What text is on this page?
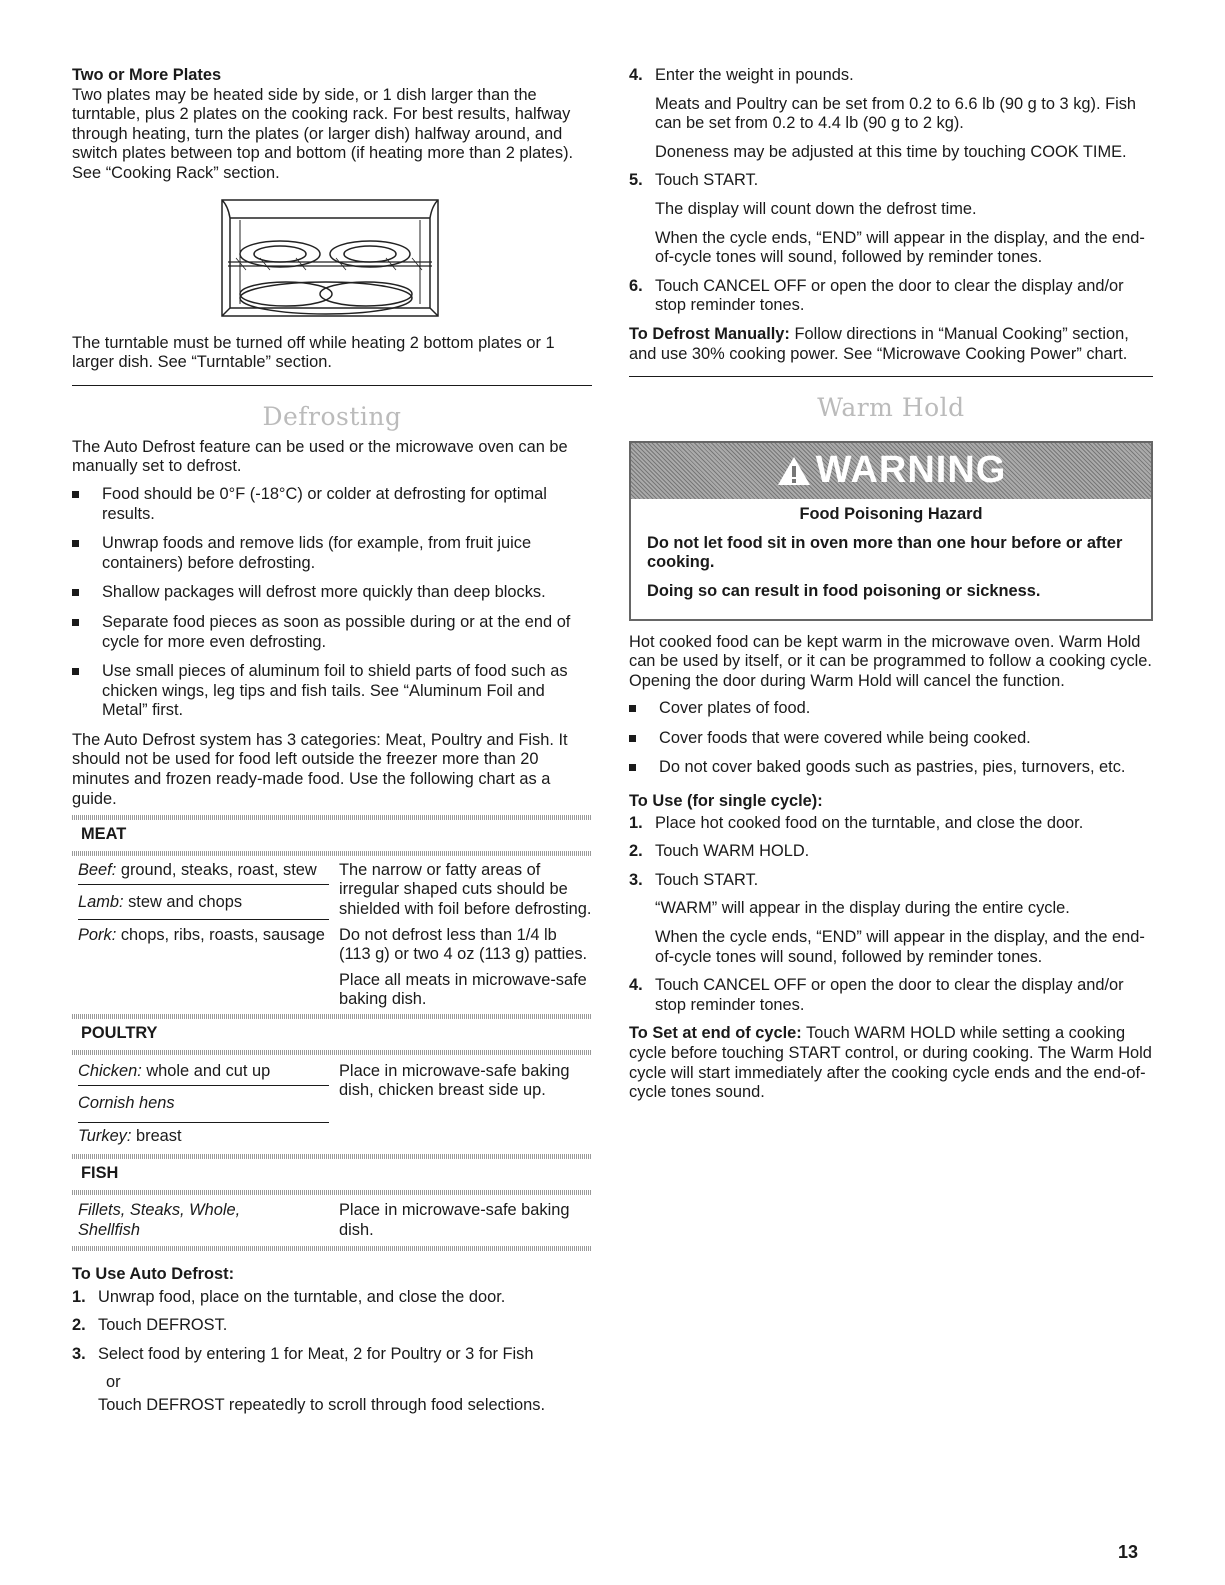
Two or More Plates

Two plates may be heated side by side, or 1 dish larger than the turntable, plus 2 plates on the cooking rack. For best results, halfway through heating, turn the plates (or larger dish) halfway around, and switch plates between top and bottom (if heating more than 2 plates). See “Cooking Rack” section.

The turntable must be turned off while heating 2 bottom plates or 1 larger dish. See “Turntable” section.

Defrosting

The Auto Defrost feature can be used or the microwave oven can be manually set to defrost.

Food should be 0°F (-18°C) or colder at defrosting for optimal results.
Unwrap foods and remove lids (for example, from fruit juice containers) before defrosting.
Shallow packages will defrost more quickly than deep blocks.
Separate food pieces as soon as possible during or at the end of cycle for more even defrosting.
Use small pieces of aluminum foil to shield parts of food such as chicken wings, leg tips and fish tails. See “Aluminum Foil and Metal” first.

The Auto Defrost system has 3 categories: Meat, Poultry and Fish. It should not be used for food left outside the freezer more than 20 minutes and frozen ready-made food. Use the following chart as a guide.

MEAT
Beef: ground, steaks, roast, stew
Lamb: stew and chops
Pork: chops, ribs, roasts, sausage

The narrow or fatty areas of irregular shaped cuts should be shielded with foil before defrosting.

Do not defrost less than 1/4 lb (113 g) or two 4 oz (113 g) patties.

Place all meats in microwave-safe baking dish.

POULTRY
Chicken: whole and cut up
Cornish hens
Turkey: breast

Place in microwave-safe baking dish, chicken breast side up.

FISH
Fillets, Steaks, Whole, Shellfish

Place in microwave-safe baking dish.

To Use Auto Defrost:

1. Unwrap food, place on the turntable, and close the door.
2. Touch DEFROST.
3. Select food by entering 1 for Meat, 2 for Poultry or 3 for Fish
or
Touch DEFROST repeatedly to scroll through food selections.
4. Enter the weight in pounds.
Meats and Poultry can be set from 0.2 to 6.6 lb (90 g to 3 kg). Fish can be set from 0.2 to 4.4 lb (90 g to 2 kg).
Doneness may be adjusted at this time by touching COOK TIME.
5. Touch START.
The display will count down the defrost time.
When the cycle ends, “END” will appear in the display, and the end-of-cycle tones will sound, followed by reminder tones.
6. Touch CANCEL OFF or open the door to clear the display and/or stop reminder tones.

To Defrost Manually: Follow directions in “Manual Cooking” section, and use 30% cooking power. See “Microwave Cooking Power” chart.

Warm Hold
WARNING

Food Poisoning Hazard

Do not let food sit in oven more than one hour before or after cooking.

Doing so can result in food poisoning or sickness.

Hot cooked food can be kept warm in the microwave oven. Warm Hold can be used by itself, or it can be programmed to follow a cooking cycle. Opening the door during Warm Hold will cancel the function.

Cover plates of food.
Cover foods that were covered while being cooked.
Do not cover baked goods such as pastries, pies, turnovers, etc.

To Use (for single cycle):

1. Place hot cooked food on the turntable, and close the door.
2. Touch WARM HOLD.
3. Touch START.
“WARM” will appear in the display during the entire cycle.
When the cycle ends, “END” will appear in the display, and the end-of-cycle tones will sound, followed by reminder tones.
4. Touch CANCEL OFF or open the door to clear the display and/or stop reminder tones.

To Set at end of cycle: Touch WARM HOLD while setting a cooking cycle before touching START control, or during cooking. The Warm Hold cycle will start immediately after the cooking cycle ends and the end-of-cycle tones sound.

13
